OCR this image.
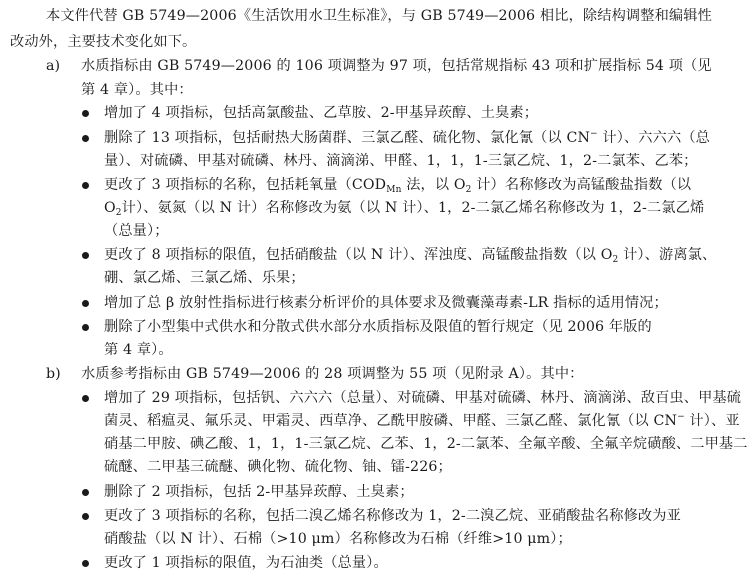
本文件代替 GB 5749—2006《生活饮用水卫生标准》，与 GB 5749—2006 相比，除结构调整和编辑性
改动外，主要技术变化如下。
a) 水质指标由 GB 5749—2006 的 106 项调整为 97 项，包括常规指标 43 项和扩展指标 54 项（见
第 4 章）。其中：
增加了 4 项指标，包括高氯酸盐、乙草胺、2-甲基异莰醇、土臭素；
删除了 13 项指标，包括耐热大肠菌群、三氯乙醛、硫化物、氯化氰（以 CN− 计）、六六六（总
量）、对硫磷、甲基对硫磷、林丹、滴滴涕、甲醛、1，1，1-三氯乙烷、1，2-二氯苯、乙苯；
更改了 3 项指标的名称，包括耗氧量（$COD_{Mn}$ 法，以 $O_2$ 计）名称修改为高锰酸盐指数（以
$O_2$计）、氨氮（以 N 计）名称修改为氨（以 N 计）、1，2-二氯乙烯名称修改为 1，2-二氯乙烯
（总量）；
更改了 8 项指标的限值，包括硝酸盐（以 N 计）、浑浊度、高锰酸盐指数（以 $O_2$ 计）、游离氯、
硼、氯乙烯、三氯乙烯、乐果；
增加了总 β 放射性指标进行核素分析评价的具体要求及微囊藻毒素-LR 指标的适用情况；
删除了小型集中式供水和分散式供水部分水质指标及限值的暂行规定（见 2006 年版的
第 4 章）。
b) 水质参考指标由 GB 5749—2006 的 28 项调整为 55 项（见附录 A）。其中：
增加了 29 项指标，包括钒、六六六（总量）、对硫磷、甲基对硫磷、林丹、滴滴涕、敌百虫、甲基硫
菌灵、稻瘟灵、氟乐灵、甲霜灵、西草净、乙酰甲胺磷、甲醛、三氯乙醛、氯化氰（以 CN− 计）、亚
硝基二甲胺、碘乙酸、1，1，1-三氯乙烷、乙苯、1，2-二氯苯、全氟辛酸、全氟辛烷磺酸、二甲基二
硫醚、二甲基三硫醚、碘化物、硫化物、铀、镭-226；
删除了 2 项指标，包括 2-甲基异莰醇、土臭素；
更改了 3 项指标的名称，包括二溴乙烯名称修改为 1，2-二溴乙烷、亚硝酸盐名称修改为亚
硝酸盐（以 N 计）、石棉（>10 μm）名称修改为石棉（纤维>10 μm）；
更改了 1 项指标的限值，为石油类（总量）。
